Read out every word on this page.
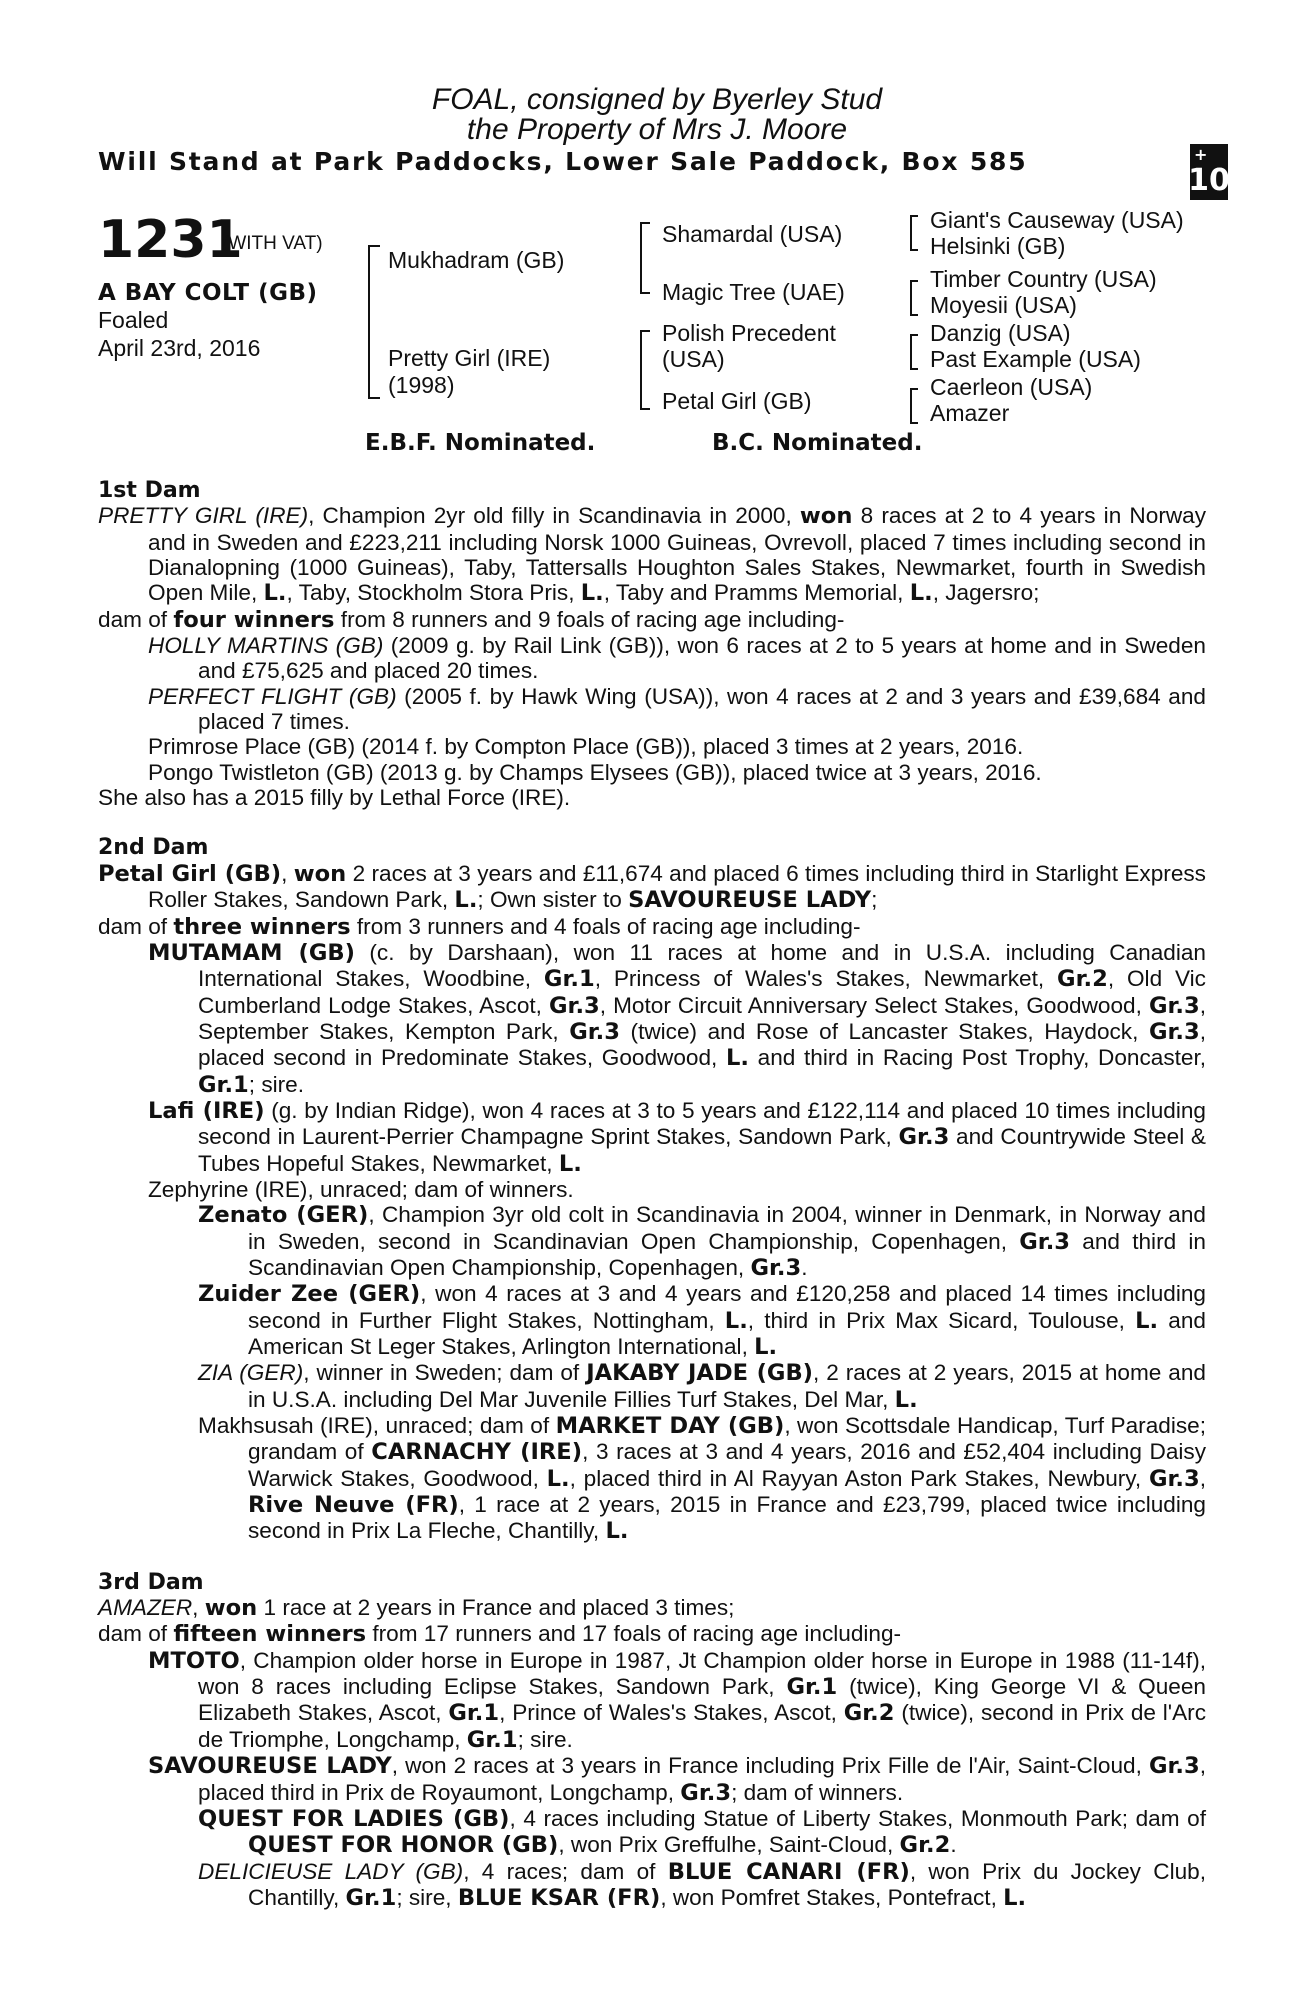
FOAL, consigned by Byerley Stud
the Property of Mrs J. Moore
Will Stand at Park Paddocks, Lower Sale Paddock, Box 585	+
10
1231
(WITH VAT)
A BAY COLT (GB)
Foaled
April 23rd, 2016
Mukhadram (GB)
Pretty Girl (IRE)
(1998)
Shamardal (USA)
Magic Tree (UAE)
Polish Precedent
(USA)
Petal Girl (GB)
Giant's Causeway (USA)
Helsinki (GB)
Timber Country (USA)
Moyesii (USA)
Danzig (USA)
Past Example (USA)
Caerleon (USA)
Amazer
E.B.F. Nominated.	B.C. Nominated.
1st Dam

PRETTY GIRL (IRE), Champion 2yr old filly in Scandinavia in 2000, won 8 races at 2 to 4 years in Norway and in Sweden and £223,211 including Norsk 1000 Guineas, Ovrevoll, placed 7 times including second in Dianalopning (1000 Guineas), Taby, Tattersalls Houghton Sales Stakes, Newmarket, fourth in Swedish Open Mile, L., Taby, Stockholm Stora Pris, L., Taby and Pramms Memorial, L., Jagersro;

dam of four winners from 8 runners and 9 foals of racing age including-

HOLLY MARTINS (GB) (2009 g. by Rail Link (GB)), won 6 races at 2 to 5 years at home and in Sweden and £75,625 and placed 20 times.

PERFECT FLIGHT (GB) (2005 f. by Hawk Wing (USA)), won 4 races at 2 and 3 years and £39,684 and placed 7 times.

Primrose Place (GB) (2014 f. by Compton Place (GB)), placed 3 times at 2 years, 2016.

Pongo Twistleton (GB) (2013 g. by Champs Elysees (GB)), placed twice at 3 years, 2016.

She also has a 2015 filly by Lethal Force (IRE).

2nd Dam

Petal Girl (GB), won 2 races at 3 years and £11,674 and placed 6 times including third in Starlight Express Roller Stakes, Sandown Park, L.; Own sister to SAVOUREUSE LADY;

dam of three winners from 3 runners and 4 foals of racing age including-

MUTAMAM (GB) (c. by Darshaan), won 11 races at home and in U.S.A. including Canadian International Stakes, Woodbine, Gr.1, Princess of Wales's Stakes, Newmarket, Gr.2, Old Vic Cumberland Lodge Stakes, Ascot, Gr.3, Motor Circuit Anniversary Select Stakes, Goodwood, Gr.3, September Stakes, Kempton Park, Gr.3 (twice) and Rose of Lancaster Stakes, Haydock, Gr.3, placed second in Predominate Stakes, Goodwood, L. and third in Racing Post Trophy, Doncaster, Gr.1; sire.

Lafi (IRE) (g. by Indian Ridge), won 4 races at 3 to 5 years and £122,114 and placed 10 times including second in Laurent-Perrier Champagne Sprint Stakes, Sandown Park, Gr.3 and Countrywide Steel & Tubes Hopeful Stakes, Newmarket, L.

Zephyrine (IRE), unraced; dam of winners.

Zenato (GER), Champion 3yr old colt in Scandinavia in 2004, winner in Denmark, in Norway and in Sweden, second in Scandinavian Open Championship, Copenhagen, Gr.3 and third in Scandinavian Open Championship, Copenhagen, Gr.3.

Zuider Zee (GER), won 4 races at 3 and 4 years and £120,258 and placed 14 times including second in Further Flight Stakes, Nottingham, L., third in Prix Max Sicard, Toulouse, L. and American St Leger Stakes, Arlington International, L.

ZIA (GER), winner in Sweden; dam of JAKABY JADE (GB), 2 races at 2 years, 2015 at home and in U.S.A. including Del Mar Juvenile Fillies Turf Stakes, Del Mar, L.

Makhsusah (IRE), unraced; dam of MARKET DAY (GB), won Scottsdale Handicap, Turf Paradise; grandam of CARNACHY (IRE), 3 races at 3 and 4 years, 2016 and £52,404 including Daisy Warwick Stakes, Goodwood, L., placed third in Al Rayyan Aston Park Stakes, Newbury, Gr.3, Rive Neuve (FR), 1 race at 2 years, 2015 in France and £23,799, placed twice including second in Prix La Fleche, Chantilly, L.

3rd Dam

AMAZER, won 1 race at 2 years in France and placed 3 times;

dam of fifteen winners from 17 runners and 17 foals of racing age including-

MTOTO, Champion older horse in Europe in 1987, Jt Champion older horse in Europe in 1988 (11-14f), won 8 races including Eclipse Stakes, Sandown Park, Gr.1 (twice), King George VI & Queen Elizabeth Stakes, Ascot, Gr.1, Prince of Wales's Stakes, Ascot, Gr.2 (twice), second in Prix de l'Arc de Triomphe, Longchamp, Gr.1; sire.

SAVOUREUSE LADY, won 2 races at 3 years in France including Prix Fille de l'Air, Saint-Cloud, Gr.3, placed third in Prix de Royaumont, Longchamp, Gr.3; dam of winners.

QUEST FOR LADIES (GB), 4 races including Statue of Liberty Stakes, Monmouth Park; dam of QUEST FOR HONOR (GB), won Prix Greffulhe, Saint-Cloud, Gr.2.

DELICIEUSE LADY (GB), 4 races; dam of BLUE CANARI (FR), won Prix du Jockey Club, Chantilly, Gr.1; sire, BLUE KSAR (FR), won Pomfret Stakes, Pontefract, L.
